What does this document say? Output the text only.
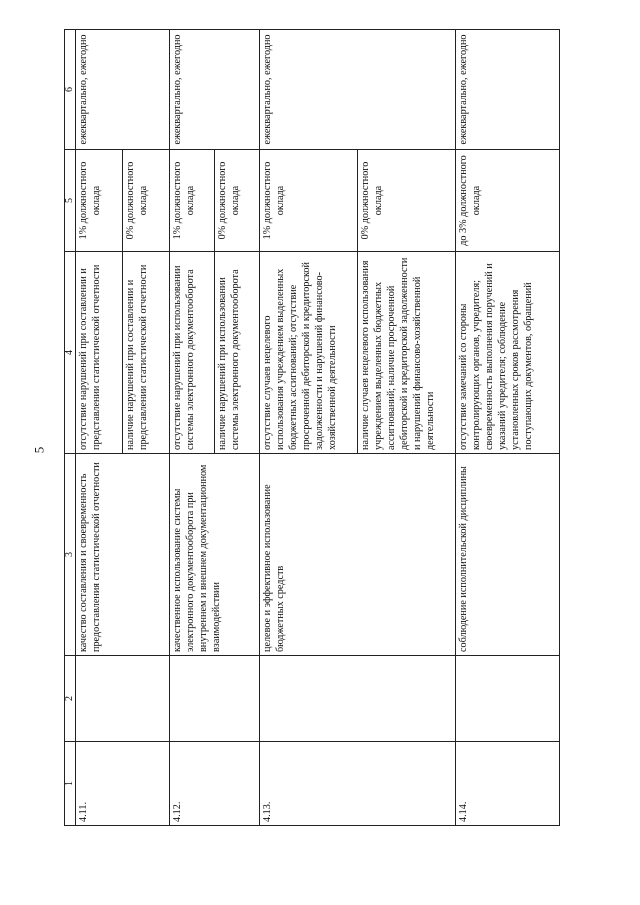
5
1	2	3	4	5	6
4.11.		качество составления и своевременность предоставления статистической отчетности	отсутствие нарушений при составлении и представлении статистической отчетности	1% должностного оклада	ежеквартально, ежегодно
			наличие нарушений при составлении и представлении статистической отчетности	0% должностного оклада	
4.12.		качественное использование системы электронного документооборота при внутреннем и внешнем документационном взаимодействии	отсутствие нарушений при использовании системы электронного документооборота	1% должностного оклада	ежеквартально, ежегодно
			наличие нарушений при использовании системы электронного документооборота	0% должностного оклада	
4.13.		целевое и эффективное использование бюджетных средств	отсутствие случаев нецелевого использования учреждением выделенных бюджетных ассигнований; отсутствие просроченной дебиторской и кредиторской задолженности и нарушений финансово-хозяйственной деятельности	1% должностного оклада	ежеквартально, ежегодно
			наличие случаев нецелевого использования учреждением выделенных бюджетных ассигнований; наличие просроченной дебиторской и кредиторской задолженности и нарушений финансово-хозяйственной деятельности	0% должностного оклада	
4.14.		соблюдение исполнительской дисциплины	отсутствие замечаний со стороны контролирующих органов, учредителя; своевременность выполнения поручений и указаний учредителя; соблюдение установленных сроков рассмотрения поступающих документов, обращений	до 3% должностного оклада	ежеквартально, ежегодно
